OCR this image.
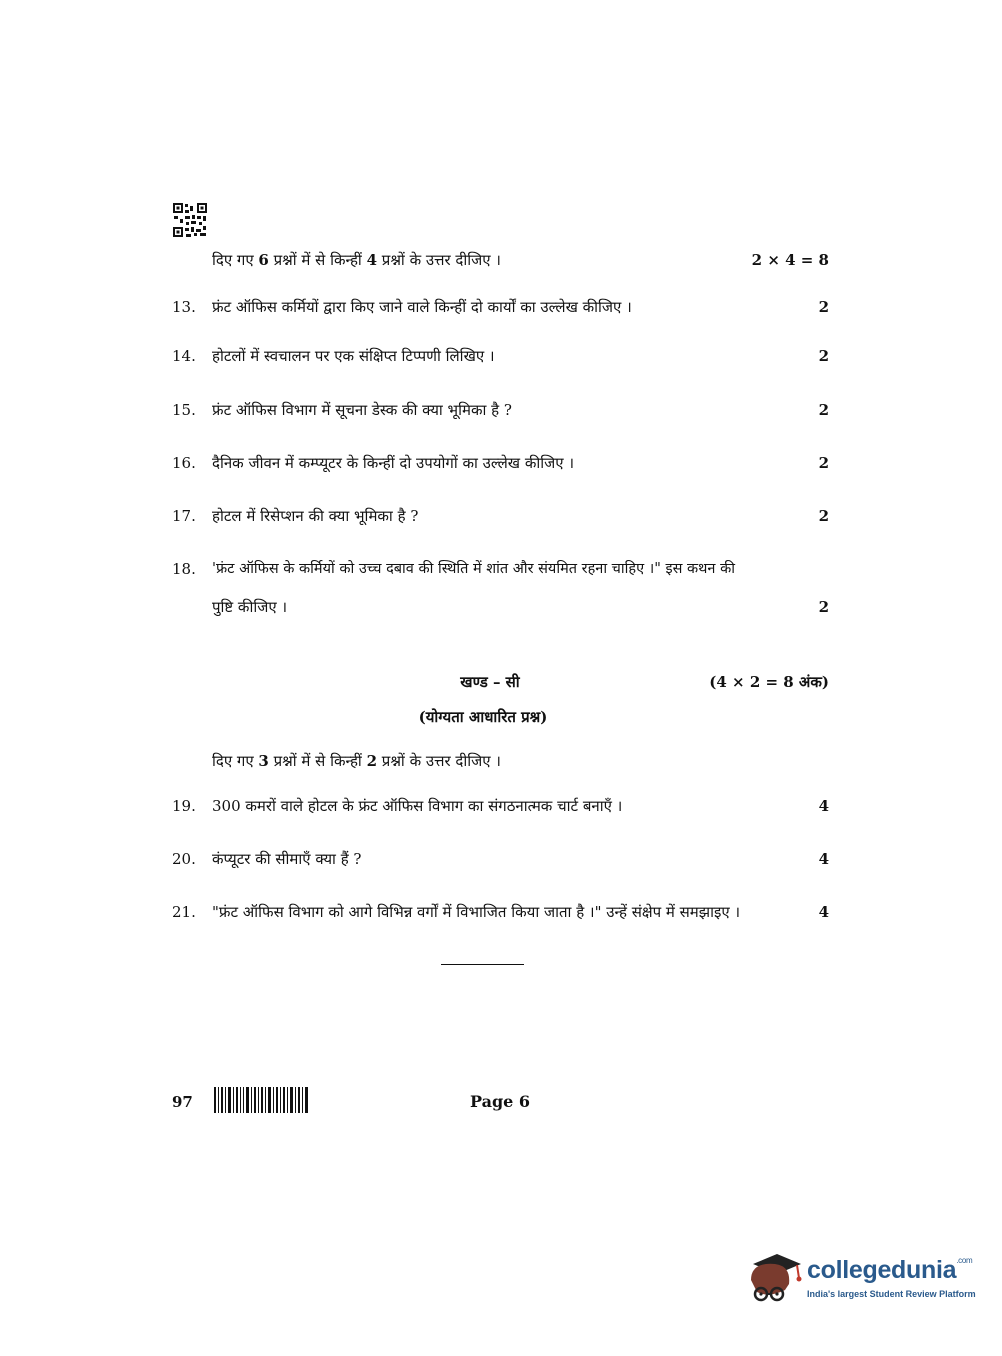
दिए गए 6 प्रश्नों में से किन्हीं 4 प्रश्नों के उत्तर दीजिए ।	2 × 4 = 8
13.	फ्रंट ऑफिस कर्मियों द्वारा किए जाने वाले किन्हीं दो कार्यों का उल्लेख कीजिए ।	2
14.	होटलों में स्वचालन पर एक संक्षिप्त टिप्पणी लिखिए ।	2
15.	फ्रंट ऑफिस विभाग में सूचना डेस्क की क्या भूमिका है ?	2
16.	दैनिक जीवन में कम्प्यूटर के किन्हीं दो उपयोगों का उल्लेख कीजिए ।	2
17.	होटल में रिसेप्शन की क्या भूमिका है ?	2
18.	'फ्रंट ऑफिस के कर्मियों को उच्च दबाव की स्थिति में शांत और संयमित रहना चाहिए ।" इस कथन की
पुष्टि कीजिए ।	2
खण्ड – सी	(4 × 2 = 8 अंक)
(योग्यता आधारित प्रश्न)
दिए गए 3 प्रश्नों में से किन्हीं 2 प्रश्नों के उत्तर दीजिए ।
19.	300 कमरों वाले होटल के फ्रंट ऑफिस विभाग का संगठनात्मक चार्ट बनाएँ ।	4
20.	कंप्यूटर की सीमाएँ क्या हैं ?	4
21.	"फ्रंट ऑफिस विभाग को आगे विभिन्न वर्गों में विभाजित किया जाता है ।" उन्हें संक्षेप में समझाइए ।	4
97	Page 6
collegedunia$^{.com}$
India's largest Student Review Platform
